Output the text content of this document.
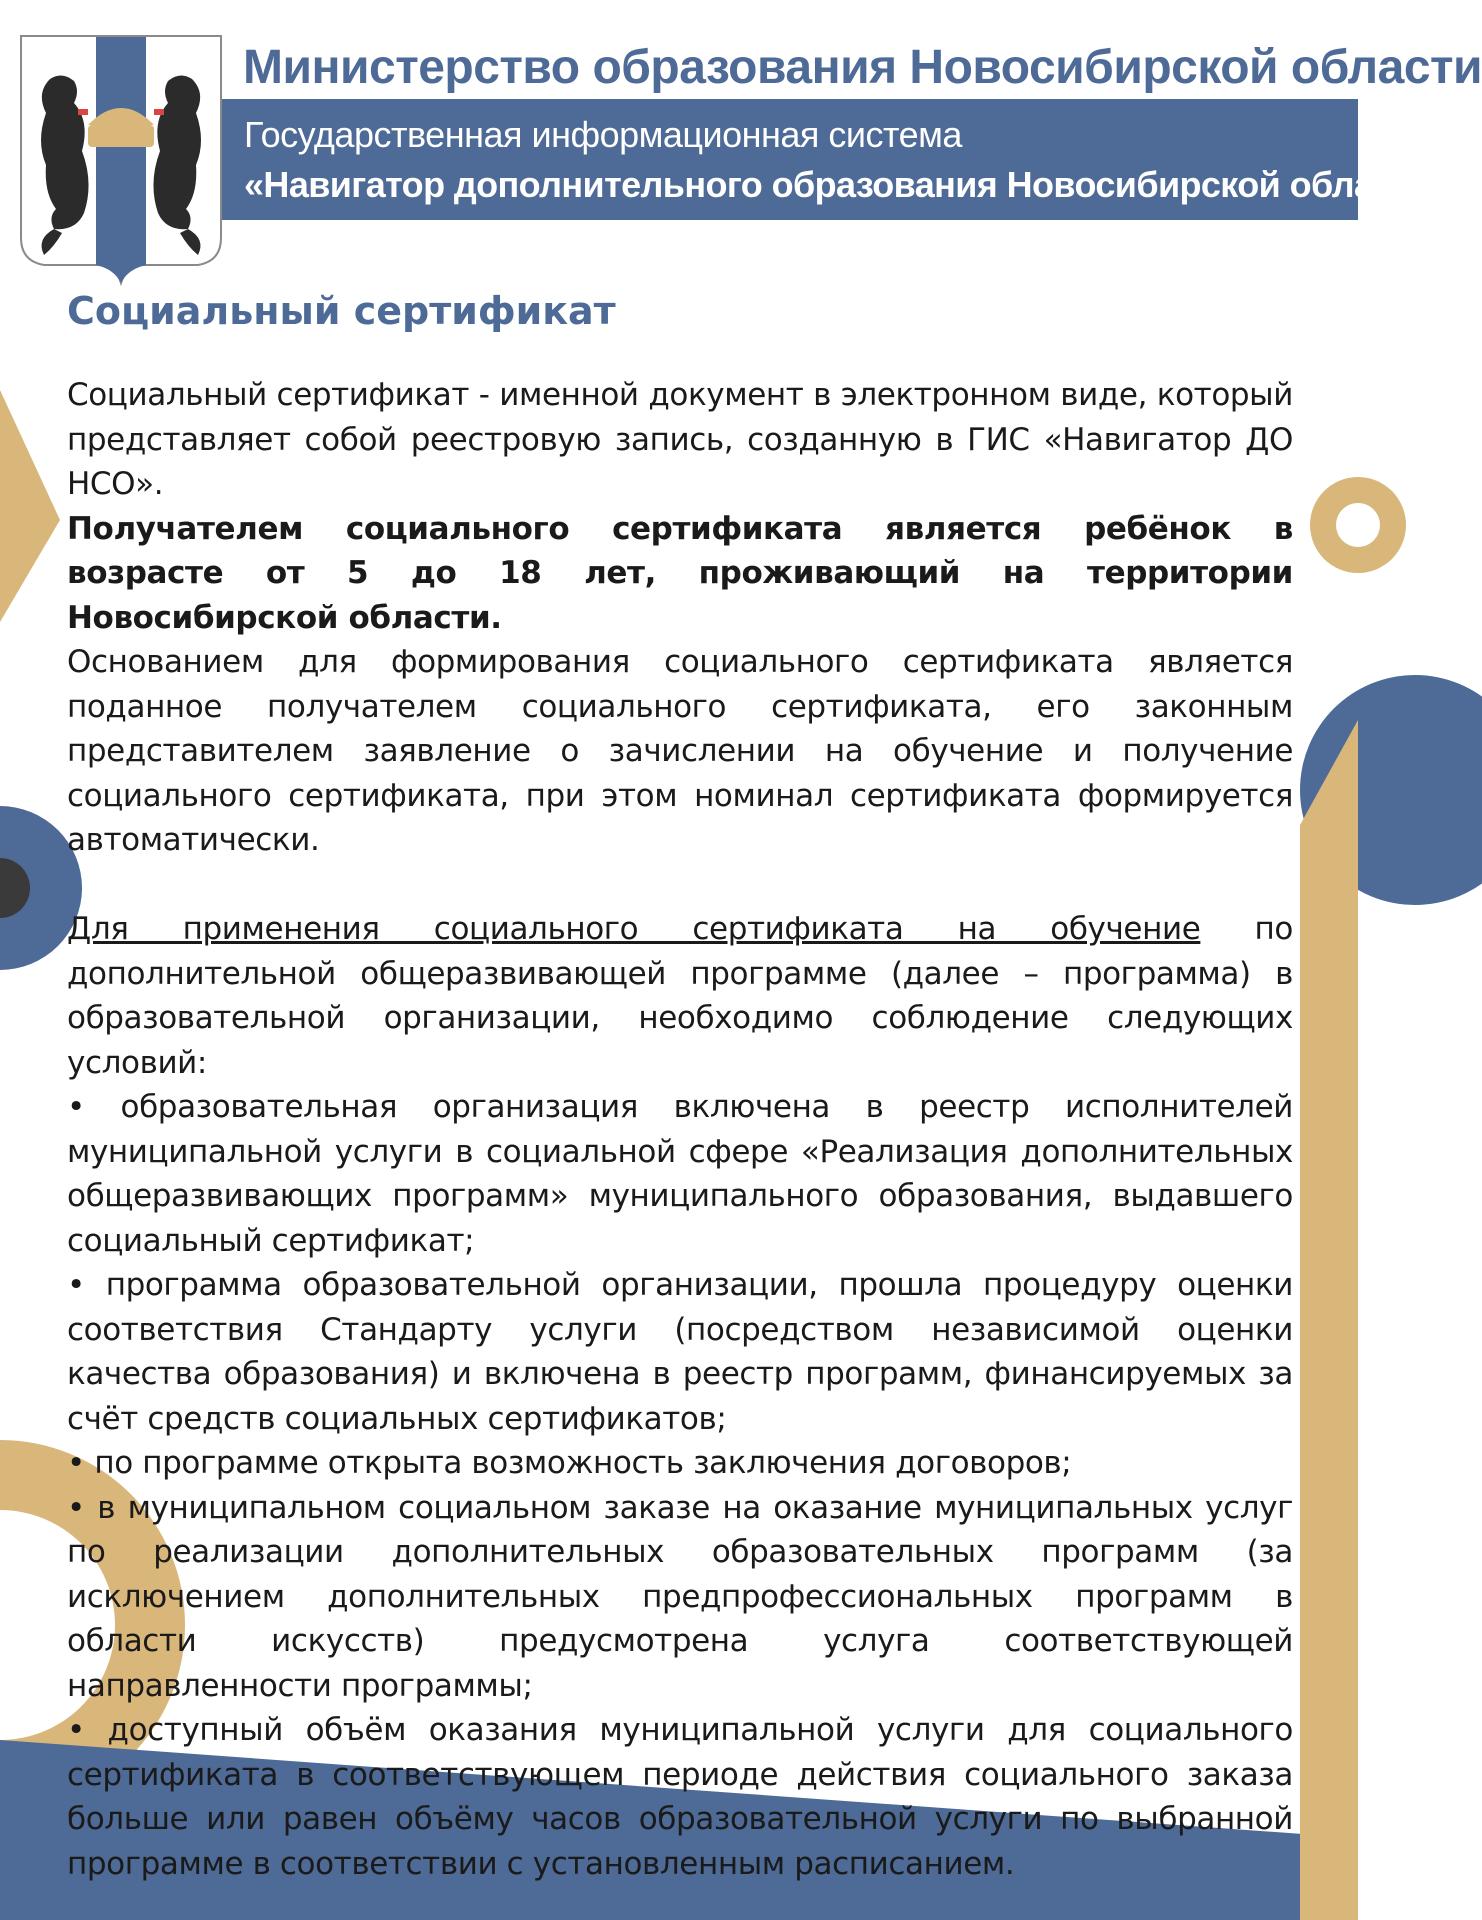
Министерство образования Новосибирской области
Государственная информационная система
«Навигатор дополнительного образования Новосибирской области»
Социальный сертификат

Социальный сертификат - именной документ в электронном виде, который представляет собой реестровую запись, созданную в ГИС «Навигатор ДО НСО».

Получателем социального сертификата является ребёнок в возрасте от 5 до 18 лет, проживающий на территории Новосибирской области.

Основанием для формирования социального сертификата является поданное получателем социального сертификата, его законным представителем заявление о зачислении на обучение и получение социального сертификата, при этом номинал сертификата формируется автоматически.

Для применения социального сертификата на обучение по дополнительной общеразвивающей программе (далее – программа) в образовательной организации, необходимо соблюдение следующих условий:

• образовательная организация включена в реестр исполнителей муниципальной услуги в социальной сфере «Реализация дополнительных общеразвивающих программ» муниципального образования, выдавшего социальный сертификат;

• программа образовательной организации, прошла процедуру оценки соответствия Стандарту услуги (посредством независимой оценки качества образования) и включена в реестр программ, финансируемых за счёт средств социальных сертификатов;

• по программе открыта возможность заключения договоров;

• в муниципальном социальном заказе на оказание муниципальных услуг по реализации дополнительных образовательных программ (за исключением дополнительных предпрофессиональных программ в области искусств) предусмотрена услуга соответствующей направленности программы;

• доступный объём оказания муниципальной услуги для социального сертификата в соответствующем периоде действия социального заказа больше или равен объёму часов образовательной услуги по выбранной программе в соответствии с установленным расписанием.
